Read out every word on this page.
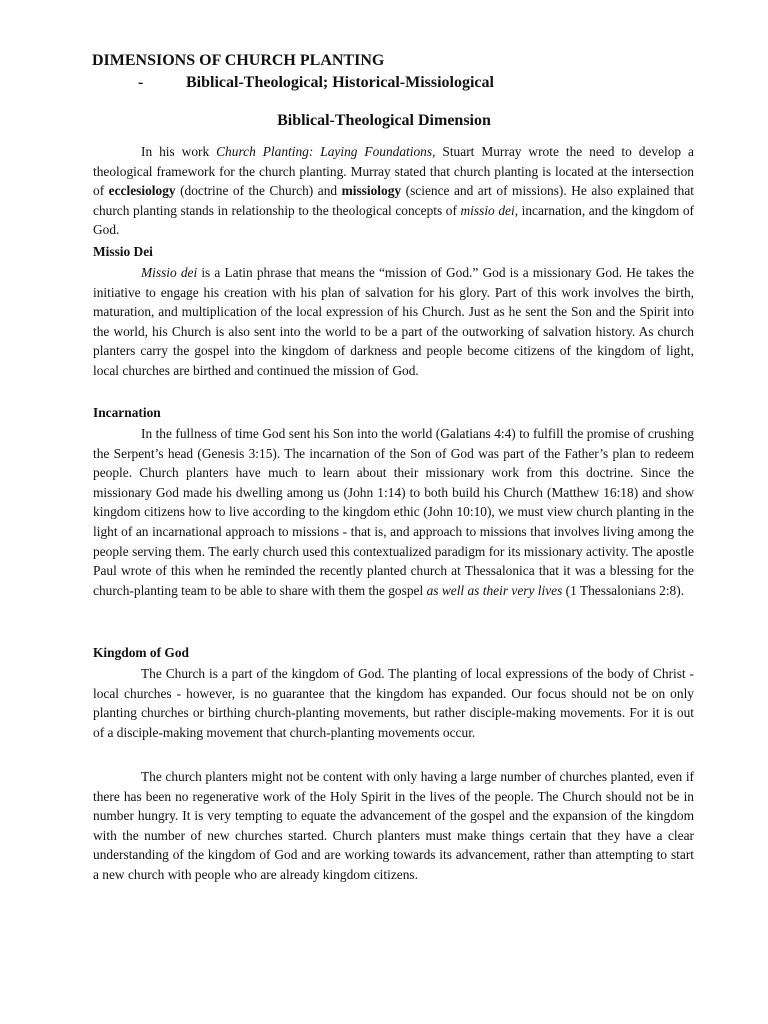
DIMENSIONS OF CHURCH PLANTING
-	Biblical-Theological; Historical-Missiological
Biblical-Theological Dimension

In his work Church Planting: Laying Foundations, Stuart Murray wrote the need to develop a theological framework for the church planting. Murray stated that church planting is located at the intersection of ecclesiology (doctrine of the Church) and missiology (science and art of missions). He also explained that church planting stands in relationship to the theological concepts of missio dei, incarnation, and the kingdom of God.

Missio Dei

Missio dei is a Latin phrase that means the “mission of God.” God is a missionary God. He takes the initiative to engage his creation with his plan of salvation for his glory. Part of this work involves the birth, maturation, and multiplication of the local expression of his Church. Just as he sent the Son and the Spirit into the world, his Church is also sent into the world to be a part of the outworking of salvation history. As church planters carry the gospel into the kingdom of darkness and people become citizens of the kingdom of light, local churches are birthed and continued the mission of God.

Incarnation

In the fullness of time God sent his Son into the world (Galatians 4:4) to fulfill the promise of crushing the Serpent’s head (Genesis 3:15). The incarnation of the Son of God was part of the Father’s plan to redeem people. Church planters have much to learn about their missionary work from this doctrine. Since the missionary God made his dwelling among us (John 1:14) to both build his Church (Matthew 16:18) and show kingdom citizens how to live according to the kingdom ethic (John 10:10), we must view church planting in the light of an incarnational approach to missions - that is, and approach to missions that involves living among the people serving them. The early church used this contextualized paradigm for its missionary activity. The apostle Paul wrote of this when he reminded the recently planted church at Thessalonica that it was a blessing for the church-planting team to be able to share with them the gospel as well as their very lives (1 Thessalonians 2:8).

Kingdom of God

The Church is a part of the kingdom of God. The planting of local expressions of the body of Christ - local churches - however, is no guarantee that the kingdom has expanded. Our focus should not be on only planting churches or birthing church-planting movements, but rather disciple-making movements. For it is out of a disciple-making movement that church-planting movements occur.

The church planters might not be content with only having a large number of churches planted, even if there has been no regenerative work of the Holy Spirit in the lives of the people. The Church should not be in number hungry. It is very tempting to equate the advancement of the gospel and the expansion of the kingdom with the number of new churches started. Church planters must make things certain that they have a clear understanding of the kingdom of God and are working towards its advancement, rather than attempting to start a new church with people who are already kingdom citizens.
